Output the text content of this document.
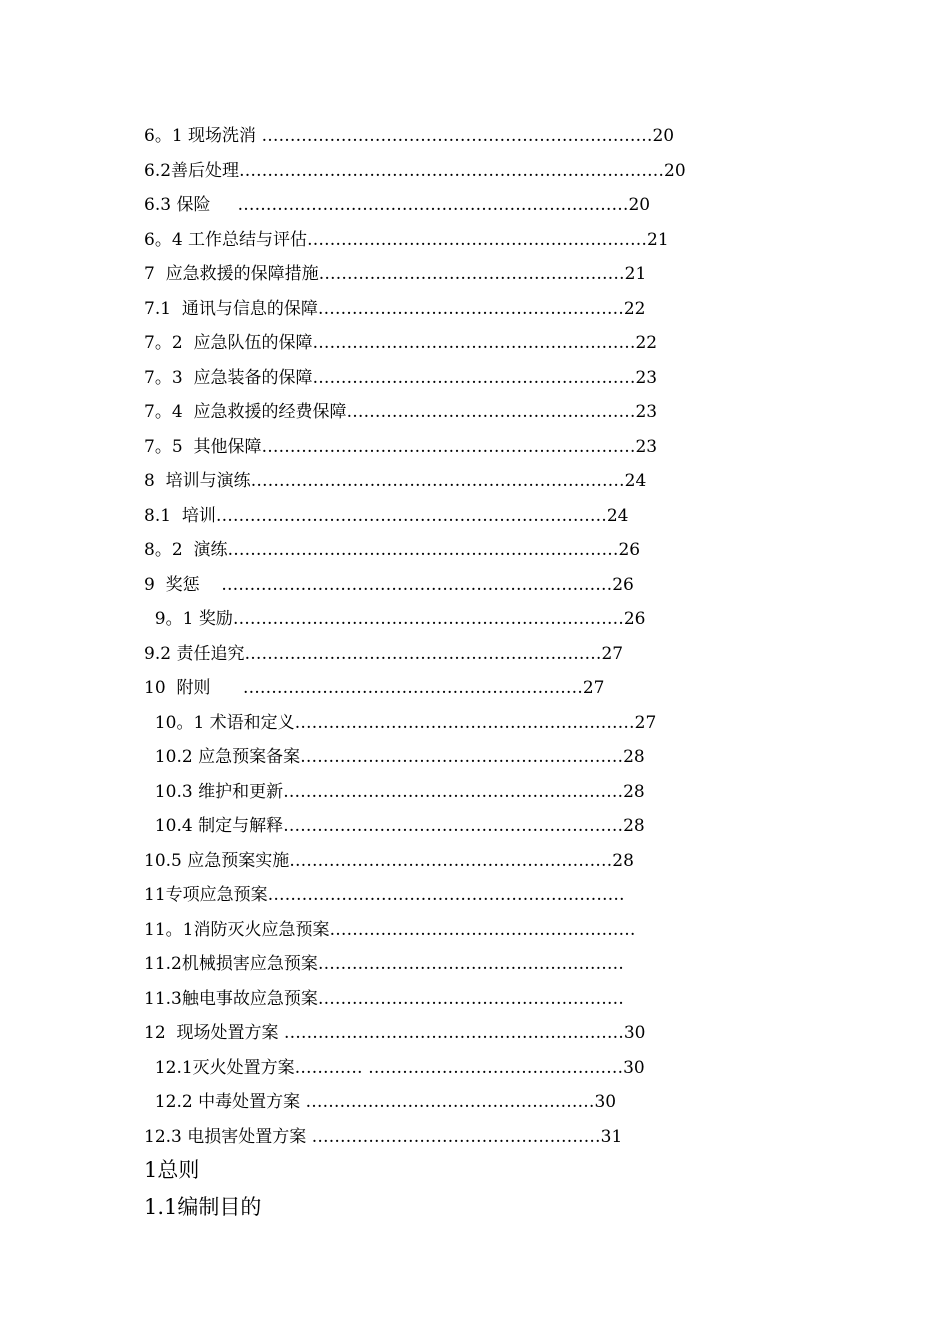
6。1 现场洗消 ……………………………………………………………20
6.2善后处理…………………………………………………………………20
6.3 保险     ……………………………………………………………20
6。4 工作总结与评估……………………………………………………21
7  应急救援的保障措施………………………………………………21
7.1  通讯与信息的保障………………………………………………22
7。2  应急队伍的保障…………………………………………………22
7。3  应急装备的保障…………………………………………………23
7。4  应急救援的经费保障……………………………………………23
7。5  其他保障…………………………………………………………23
8  培训与演练…………………………………………………………24
8.1  培训……………………………………………………………24
8。2  演练……………………………………………………………26
9  奖惩    ……………………………………………………………26
9。1 奖励……………………………………………………………26
9.2 责任追究………………………………………………………27
10  附则      ……………………………………………………27
10。1 术语和定义……………………………………………………27
10.2 应急预案备案…………………………………………………28
10.3 维护和更新……………………………………………………28
10.4 制定与解释……………………………………………………28
10.5 应急预案实施…………………………………………………28
11专项应急预案………………………………………………………
11。1消防灭火应急预案………………………………………………
11.2机械损害应急预案………………………………………………
11.3触电事故应急预案………………………………………………
12  现场处置方案 ……………………………………………………30
12.1灭火处置方案………… ………………………………………30
12.2 中毒处置方案 ……………………………………………30
12.3 电损害处置方案 ……………………………………………31
1总则
1.1编制目的
